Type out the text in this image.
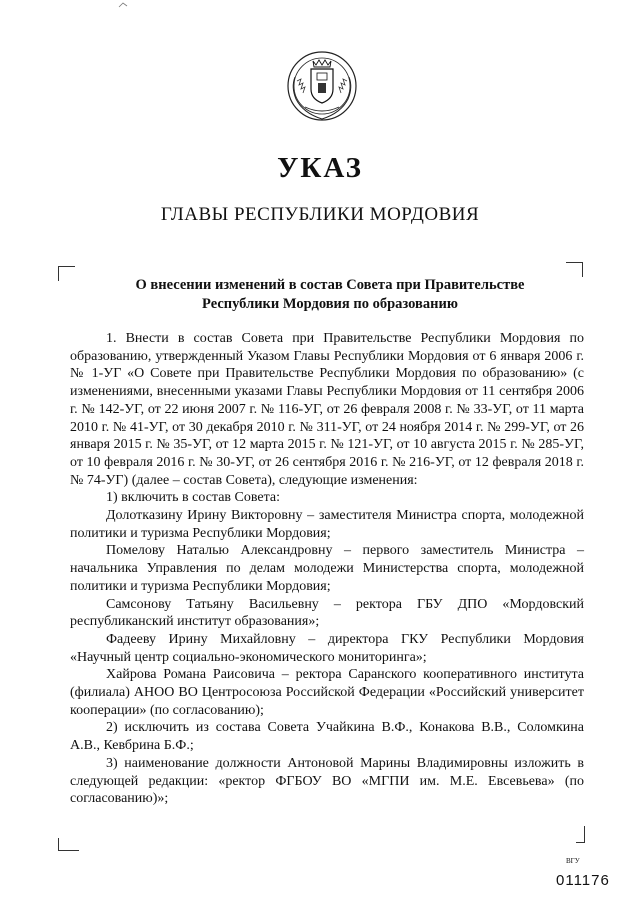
УКАЗ
ГЛАВЫ РЕСПУБЛИКИ МОРДОВИЯ
О внесении изменений в состав Совета при Правительстве
Республики Мордовия по образованию

1. Внести в состав Совета при Правительстве Республики Мордовия по образованию, утвержденный Указом Главы Республики Мордовия от 6 января 2006 г. № 1-УГ «О Совете при Правительстве Республики Мордовия по образованию» (с изменениями, внесенными указами Главы Республики Мордовия от 11 сентября 2006 г. № 142-УГ, от 22 июня 2007 г. № 116-УГ, от 26 февраля 2008 г. № 33-УГ, от 11 марта 2010 г. № 41-УГ, от 30 декабря 2010 г. № 311-УГ, от 24 ноября 2014 г. № 299-УГ, от 26 января 2015 г. № 35-УГ, от 12 марта 2015 г. № 121-УГ, от 10 августа 2015 г. № 285-УГ, от 10 февраля 2016 г. № 30-УГ, от 26 сентября 2016 г. № 216-УГ, от 12 февраля 2018 г. № 74-УГ) (далее – состав Совета), следующие изменения:

1) включить в состав Совета:

Долотказину Ирину Викторовну – заместителя Министра спорта, молодежной политики и туризма Республики Мордовия;

Помелову Наталью Александровну – первого заместитель Министра – начальника Управления по делам молодежи Министерства спорта, молодежной политики и туризма Республики Мордовия;

Самсонову Татьяну Васильевну – ректора ГБУ ДПО «Мордовский республиканский институт образования»;

Фадееву Ирину Михайловну – директора ГКУ Республики Мордовия «Научный центр социально-экономического мониторинга»;

Хайрова Романа Раисовича – ректора Саранского кооперативного института (филиала) АНОО ВО Центросоюза Российской Федерации «Российский университет кооперации» (по согласованию);

2) исключить из состава Совета Учайкина В.Ф., Конакова В.В., Соломкина А.В., Кевбрина Б.Ф.;

3) наименование должности Антоновой Марины Владимировны изложить в следующей редакции: «ректор ФГБОУ ВО «МГПИ им. М.Е. Евсевьева» (по согласованию)»;

ВГУ
011176
